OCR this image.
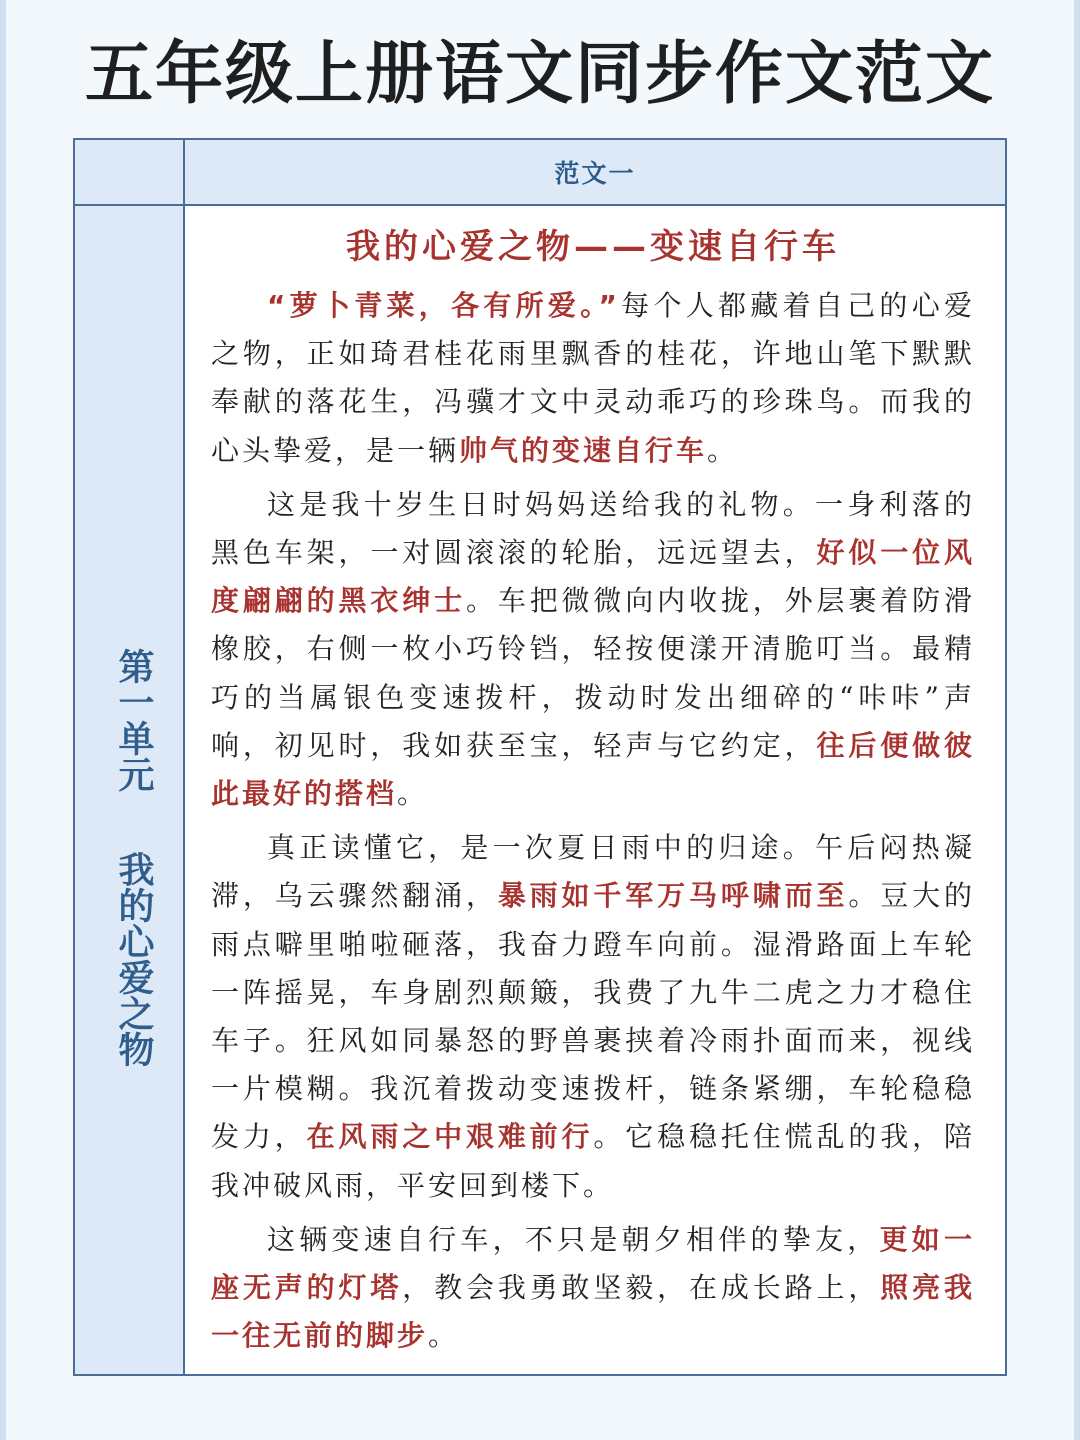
五年级上册语文同步作文范文
范文一
第一单元
我的心爱之物
我的心爱之物——变速自行车

“萝卜青菜，各有所爱。”每个人都藏着自己的心爱之物，正如琦君桂花雨里飘香的桂花，许地山笔下默默奉献的落花生，冯骥才文中灵动乖巧的珍珠鸟。而我的心头挚爱，是一辆帅气的变速自行车。

这是我十岁生日时妈妈送给我的礼物。一身利落的黑色车架，一对圆滚滚的轮胎，远远望去，好似一位风度翩翩的黑衣绅士。车把微微向内收拢，外层裹着防滑橡胶，右侧一枚小巧铃铛，轻按便漾开清脆叮当。最精巧的当属银色变速拨杆，拨动时发出细碎的“咔咔”声响，初见时，我如获至宝，轻声与它约定，往后便做彼此最好的搭档。

真正读懂它，是一次夏日雨中的归途。午后闷热凝滞，乌云骤然翻涌，暴雨如千军万马呼啸而至。豆大的雨点噼里啪啦砸落，我奋力蹬车向前。湿滑路面上车轮一阵摇晃，车身剧烈颠簸，我费了九牛二虎之力才稳住车子。狂风如同暴怒的野兽裹挟着冷雨扑面而来，视线一片模糊。我沉着拨动变速拨杆，链条紧绷，车轮稳稳发力，在风雨之中艰难前行。它稳稳托住慌乱的我，陪我冲破风雨，平安回到楼下。

这辆变速自行车，不只是朝夕相伴的挚友，更如一座无声的灯塔，教会我勇敢坚毅，在成长路上，照亮我一往无前的脚步。
